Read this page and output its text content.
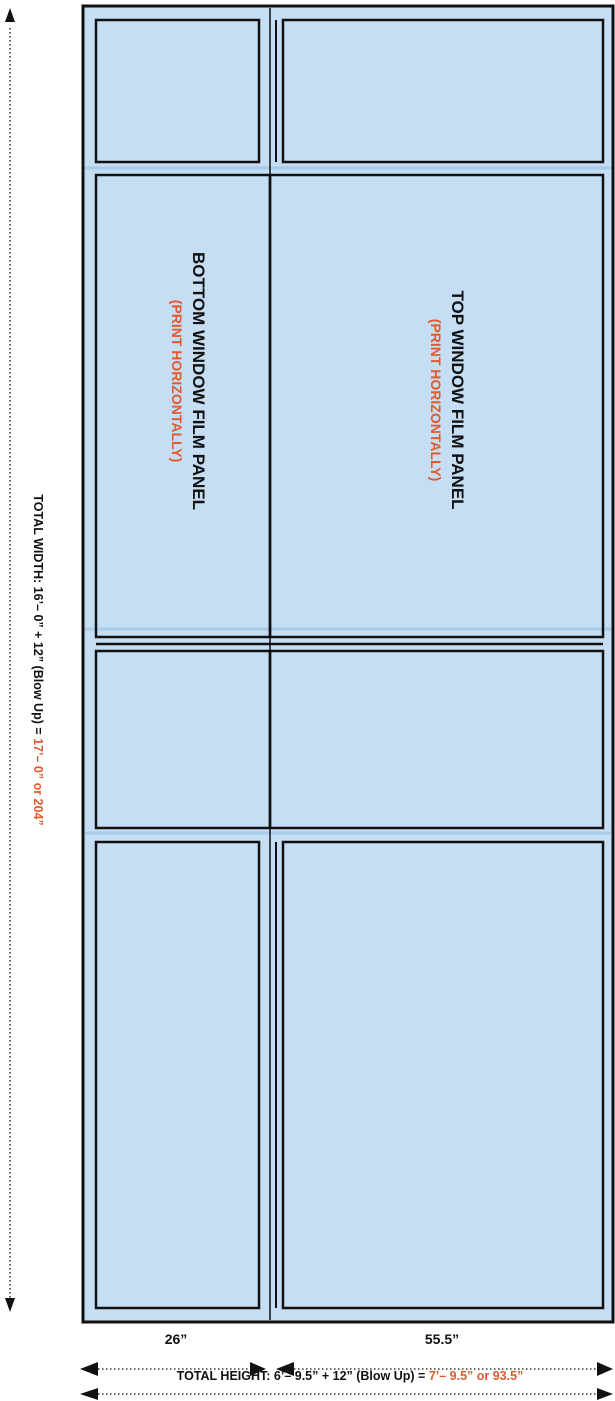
TOP WINDOW FILM PANEL
(PRINT HORIZONTALLY)
BOTTOM WINDOW FILM PANEL
(PRINT HORIZONTALLY)
TOTAL WIDTH: 16’– 0” + 12” (Blow Up) = 17’– 0” or 204”
26”	55.5”
TOTAL HEIGHT: 6’– 9.5” + 12” (Blow Up) = 7’– 9.5” or 93.5”
